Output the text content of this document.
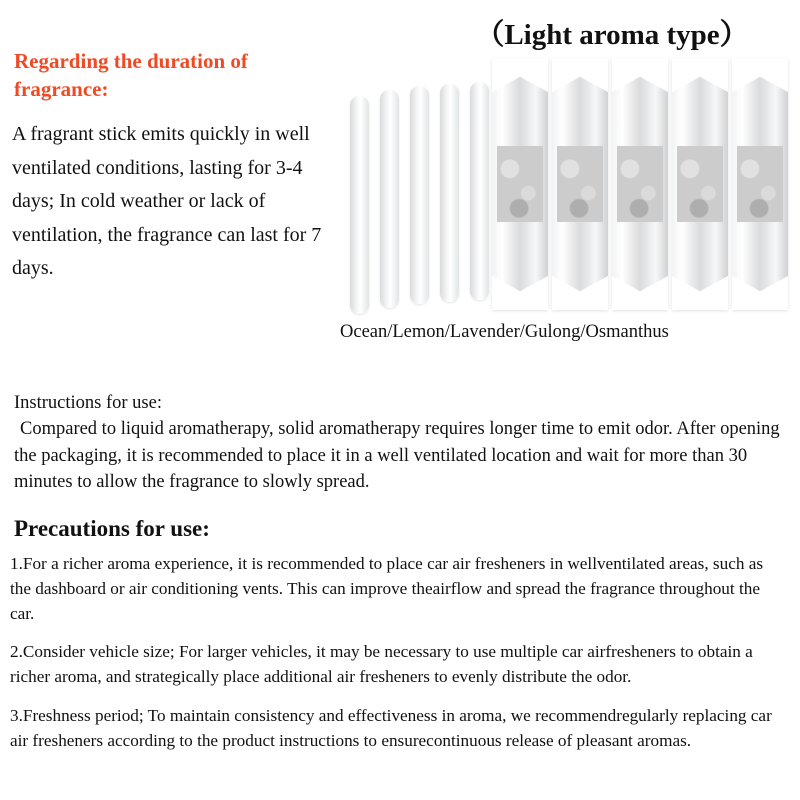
Regarding the duration of fragrance:
A fragrant stick emits quickly in well ventilated conditions, lasting for 3-4 days; In cold weather or lack of ventilation, the fragrance can last for 7 days.
（Light aroma type）
Ocean/Lemon/Lavender/Gulong/Osmanthus
Instructions for use:
Compared to liquid aromatherapy, solid aromatherapy requires longer time to emit odor. After opening the packaging, it is recommended to place it in a well ventilated location and wait for more than 30 minutes to allow the fragrance to slowly spread.
Precautions for use:
1.For a richer aroma experience, it is recommended to place car air fresheners in wellventilated areas, such as the dashboard or air conditioning vents. This can improve theairflow and spread the fragrance throughout the car.
2.Consider vehicle size; For larger vehicles, it may be necessary to use multiple car airfresheners to obtain a richer aroma, and strategically place additional air fresheners to evenly distribute the odor.
3.Freshness period; To maintain consistency and effectiveness in aroma, we recommendregularly replacing car air fresheners according to the product instructions to ensurecontinuous release of pleasant aromas.
